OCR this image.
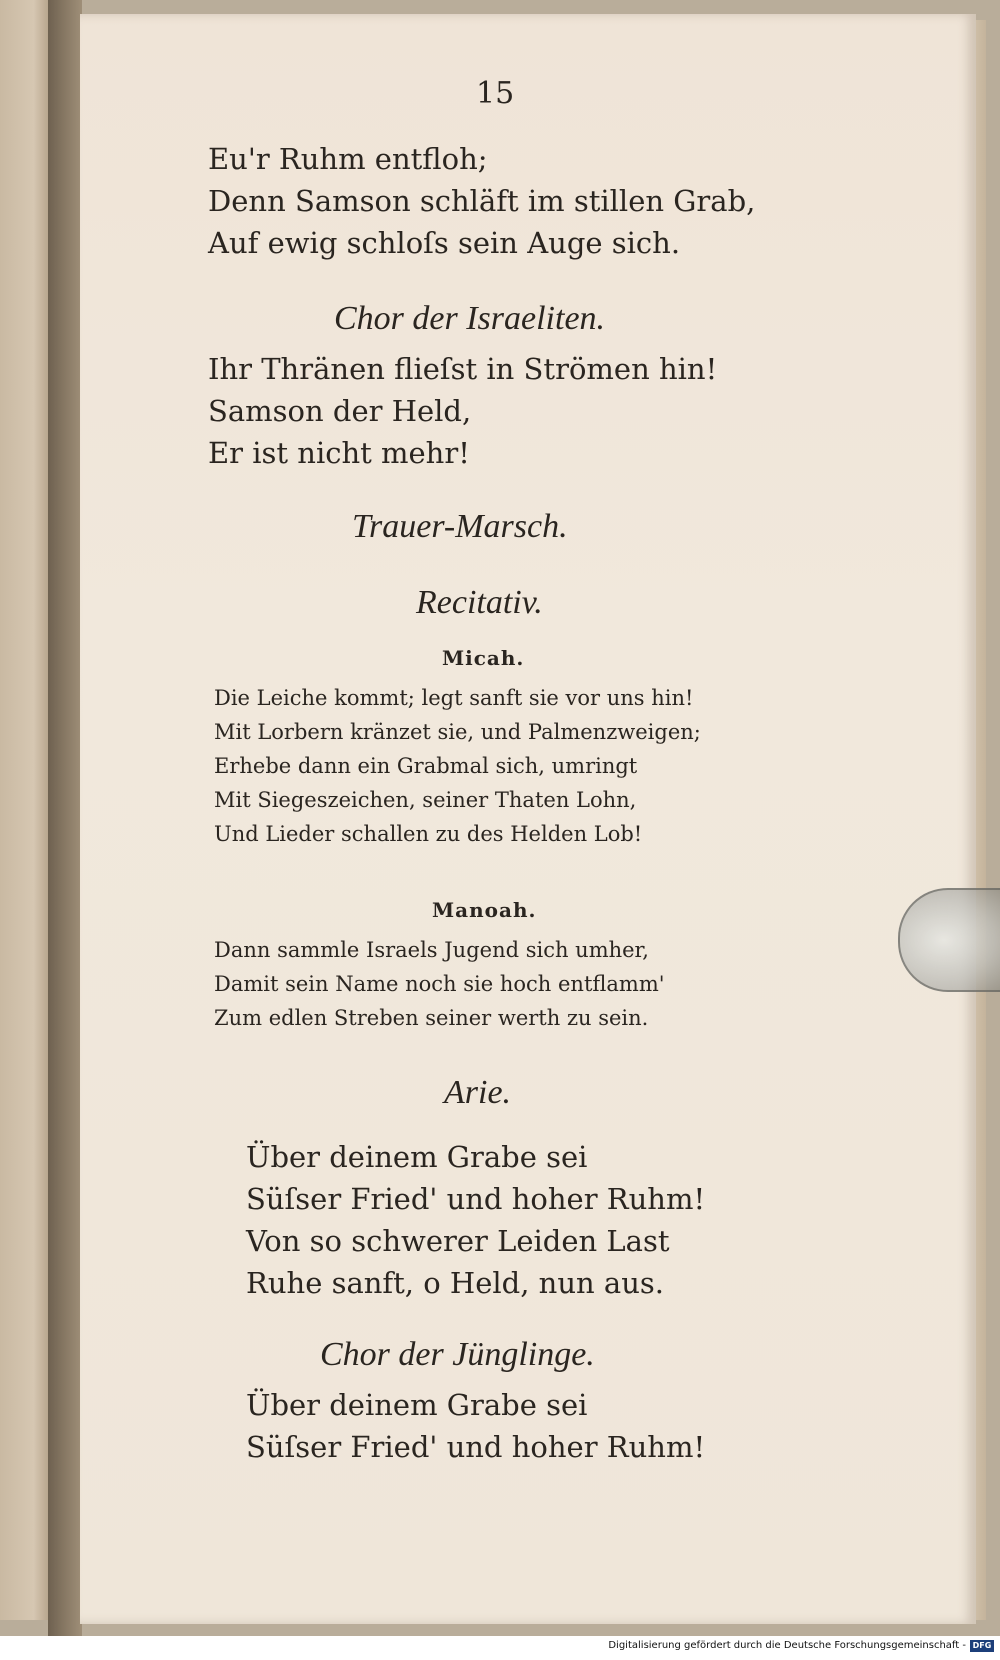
15

Eu'r Ruhm entfloh;

Denn Samson schläft im stillen Grab,

Auf ewig schloſs sein Auge sich.

Chor der Israeliten.

Ihr Thränen flieſst in Strömen hin!

Samson der Held,

Er ist nicht mehr!

Trauer-Marsch.

Recitativ.

Micah.

Die Leiche kommt; legt sanft sie vor uns hin!

Mit Lorbern kränzet sie, und Palmenzweigen;

Erhebe dann ein Grabmal sich, umringt

Mit Siegeszeichen, seiner Thaten Lohn,

Und Lieder schallen zu des Helden Lob!

Manoah.

Dann sammle Israels Jugend sich umher,

Damit sein Name noch sie hoch entflamm'

Zum edlen Streben seiner werth zu sein.

Arie.

Über deinem Grabe sei

Süſser Fried' und hoher Ruhm!

Von so schwerer Leiden Last

Ruhe sanft, o Held, nun aus.

Chor der Jünglinge.

Über deinem Grabe sei

Süſser Fried' und hoher Ruhm!

Digitalisierung gefördert durch die Deutsche Forschungsgemeinschaft - DFG
